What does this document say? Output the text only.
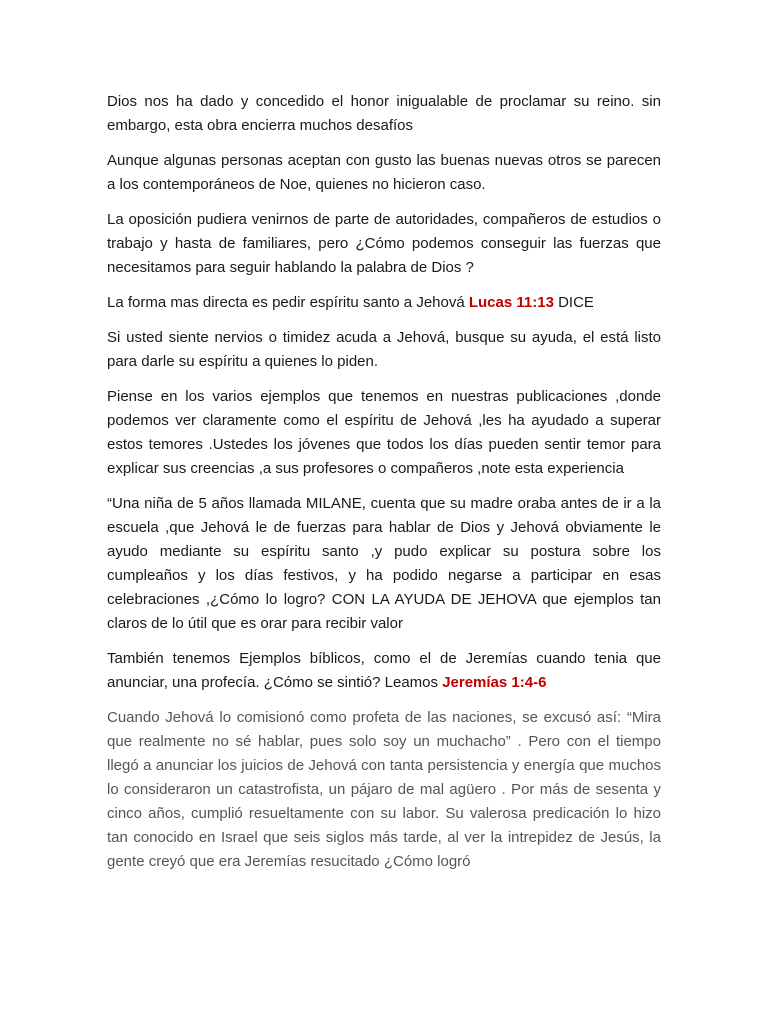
Dios nos ha dado y concedido el honor inigualable de proclamar su reino. sin embargo, esta obra encierra muchos desafíos

Aunque algunas personas aceptan con gusto las buenas nuevas otros se parecen a los contemporáneos de Noe, quienes no hicieron caso.

La oposición pudiera venirnos de parte de autoridades, compañeros de estudios o trabajo y hasta de familiares, pero ¿Cómo podemos conseguir las fuerzas que necesitamos para seguir hablando la palabra de Dios ?

La forma mas directa es pedir espíritu santo a Jehová Lucas 11:13 DICE

Si usted siente nervios o timidez acuda a Jehová, busque su ayuda, el está listo para darle su espíritu a quienes lo piden.

Piense en los varios ejemplos que tenemos en nuestras publicaciones ,donde podemos ver claramente como el espíritu de Jehová ,les ha ayudado a superar estos temores .Ustedes los jóvenes que todos los días pueden sentir temor para explicar sus creencias ,a sus profesores o compañeros ,note esta experiencia

“Una niña de 5 años llamada MILANE, cuenta que su madre oraba antes de ir a la escuela ,que Jehová le de fuerzas para hablar de Dios y Jehová obviamente le ayudo mediante su espíritu santo ,y pudo explicar su postura sobre los cumpleaños y los días festivos, y ha podido negarse a participar en esas celebraciones ,¿Cómo lo logro? CON LA AYUDA DE JEHOVA que ejemplos tan claros de lo útil que es orar para recibir valor

También tenemos Ejemplos bíblicos, como el de Jeremías cuando tenia que anunciar, una profecía. ¿Cómo se sintió? Leamos Jeremías 1:4-6

Cuando Jehová lo comisionó como profeta de las naciones, se excusó así: “Mira que realmente no sé hablar, pues solo soy un muchacho” . Pero con el tiempo llegó a anunciar los juicios de Jehová con tanta persistencia y energía que muchos lo consideraron un catastrofista, un pájaro de mal agüero . Por más de sesenta y cinco años, cumplió resueltamente con su labor. Su valerosa predicación lo hizo tan conocido en Israel que seis siglos más tarde, al ver la intrepidez de Jesús, la gente creyó que era Jeremías resucitado ¿Cómo logró
